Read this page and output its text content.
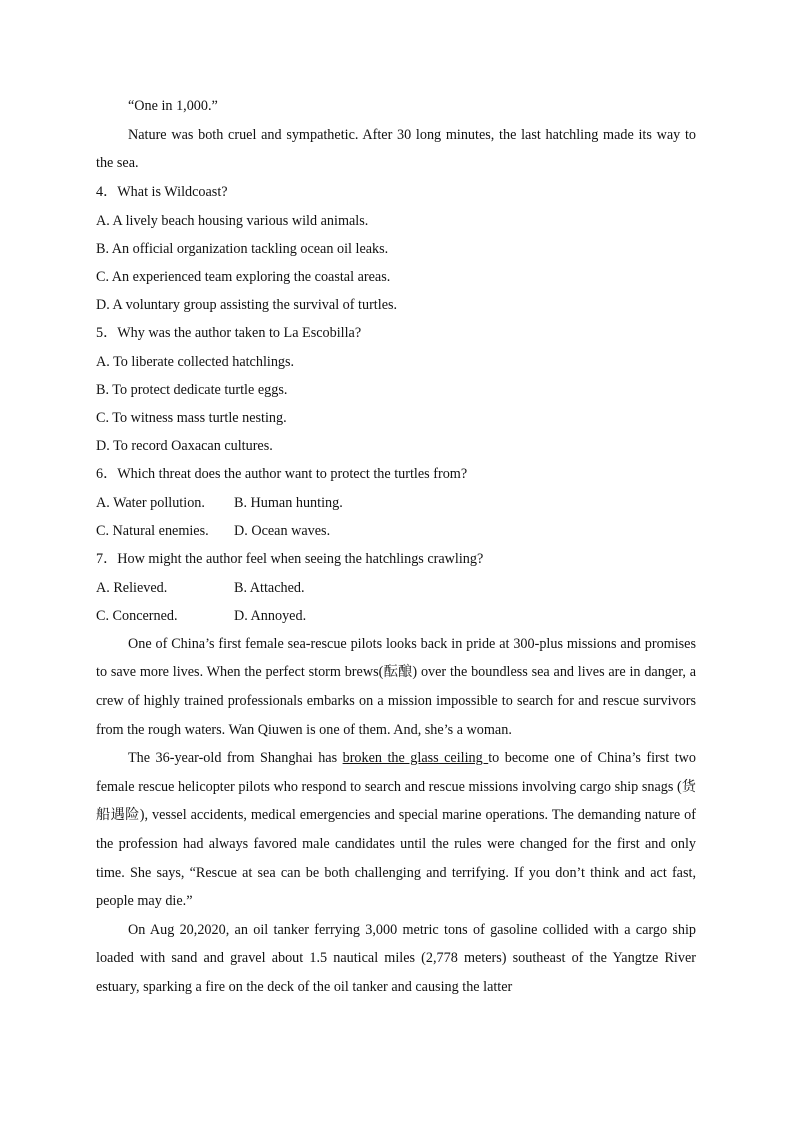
“One in 1,000.”

Nature was both cruel and sympathetic. After 30 long minutes, the last hatchling made its way to the sea.

4．What is Wildcoast?

A. A lively beach housing various wild animals.

B. An official organization tackling ocean oil leaks.

C. An experienced team exploring the coastal areas.

D. A voluntary group assisting the survival of turtles.

5．Why was the author taken to La Escobilla?

A. To liberate collected hatchlings.

B. To protect dedicate turtle eggs.

C. To witness mass turtle nesting.

D. To record Oaxacan cultures.

6．Which threat does the author want to protect the turtles from?

A. Water pollution.	B. Human hunting.
C. Natural enemies.	D. Ocean waves.

7．How might the author feel when seeing the hatchlings crawling?

A. Relieved.	B. Attached.
C. Concerned.	D. Annoyed.

One of China’s first female sea-rescue pilots looks back in pride at 300-plus missions and promises to save more lives. When the perfect storm brews(酝酿) over the boundless sea and lives are in danger, a crew of highly trained professionals embarks on a mission impossible to search for and rescue survivors from the rough waters. Wan Qiuwen is one of them. And, she’s a woman.

The 36-year-old from Shanghai has broken the glass ceiling to become one of China’s first two female rescue helicopter pilots who respond to search and rescue missions involving cargo ship snags (货船遇险), vessel accidents, medical emergencies and special marine operations. The demanding nature of the profession had always favored male candidates until the rules were changed for the first and only time. She says, “Rescue at sea can be both challenging and terrifying. If you don’t think and act fast, people may die.”

On Aug 20,2020, an oil tanker ferrying 3,000 metric tons of gasoline collided with a cargo ship loaded with sand and gravel about 1.5 nautical miles (2,778 meters) southeast of the Yangtze River estuary, sparking a fire on the deck of the oil tanker and causing the latter
